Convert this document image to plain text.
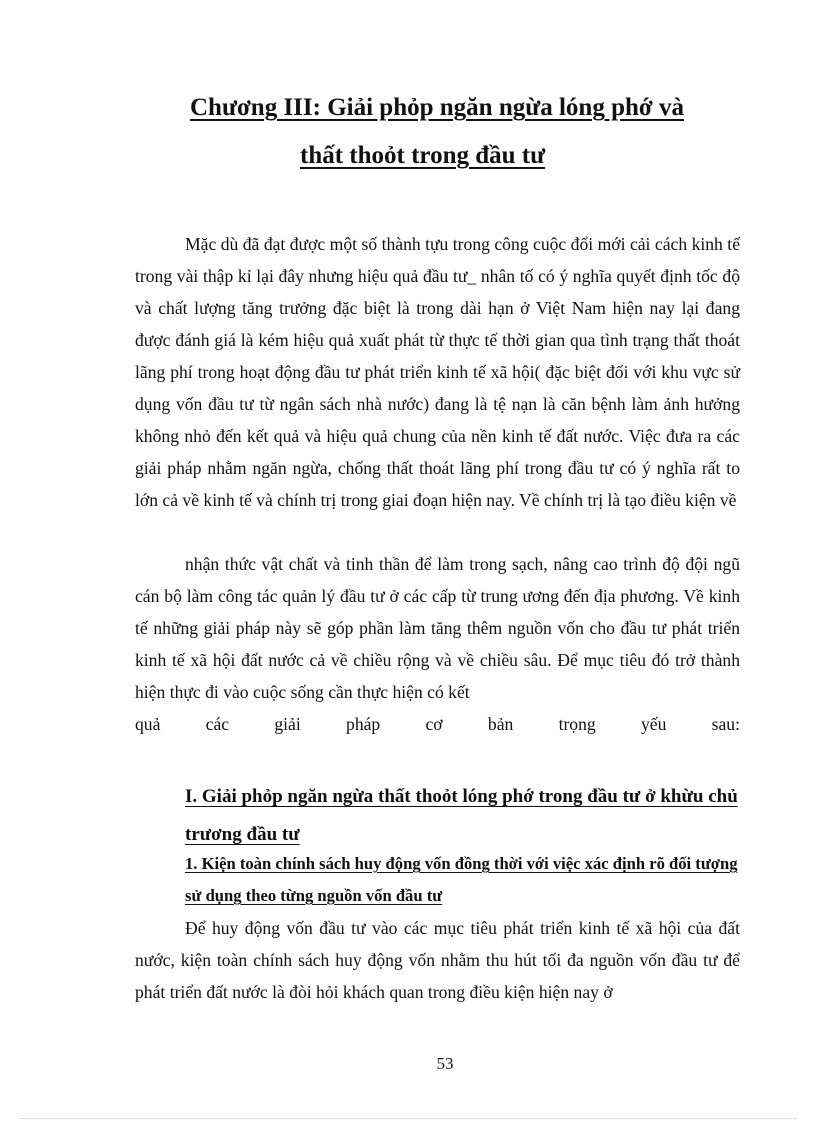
Chương III: Giải phỏp ngăn ngừa lóng phớ và
thất thoỏt trong đầu tư

Mặc dù đã đạt được một số thành tựu trong công cuộc đổi mới cải cách kinh tế trong vài thập kỉ lại đây nhưng hiệu quả đầu tư_ nhân tố có ý nghĩa quyết định tốc độ và chất lượng tăng trưởng đặc biệt là trong dài hạn ở Việt Nam hiện nay lại đang được đánh giá là kém hiệu quả xuất phát từ thực tế thời gian qua tình trạng thất thoát lãng phí trong hoạt động đầu tư phát triển kinh tế xã hội( đặc biệt đối với khu vực sử dụng vốn đầu tư từ ngân sách nhà nước) đang là tệ nạn là căn bệnh làm ảnh hưởng không nhỏ đến kết quả và hiệu quả chung của nền kinh tế đất nước. Việc đưa ra các giải pháp nhằm ngăn ngừa, chống thất thoát lãng phí trong đầu tư có ý nghĩa rất to lớn cả về kinh tế và chính trị trong giai đoạn hiện nay. Về chính trị là tạo điều kiện về

nhận thức vật chất và tinh thần để làm trong sạch, nâng cao trình độ đội ngũ cán bộ làm công tác quản lý đầu tư ở các cấp từ trung ương đến địa phương. Về kinh tế những giải pháp này sẽ góp phần làm tăng thêm nguồn vốn cho đầu tư phát triển kinh tế xã hội đất nước cả về chiều rộng và về chiều sâu. Để mục tiêu đó trở thành hiện thực đi vào cuộc sống cần thực hiện có kết

quả	các	giải	pháp	cơ	bản	trọng	yếu	sau:
I. Giải phỏp ngăn ngừa thất thoỏt lóng phớ trong đầu tư ở khừu chủ trương đầu tư
1. Kiện toàn chính sách huy động vốn đồng thời với việc xác định rõ đối tượng sử dụng theo từng nguồn vốn đầu tư

Để huy động vốn đầu tư vào các mục tiêu phát triển kinh tế xã hội của đất nước, kiện toàn chính sách huy động vốn nhằm thu hút tối đa nguồn vốn đầu tư để phát triển đất nước là đòi hỏi khách quan trong điều kiện hiện nay ở

53
